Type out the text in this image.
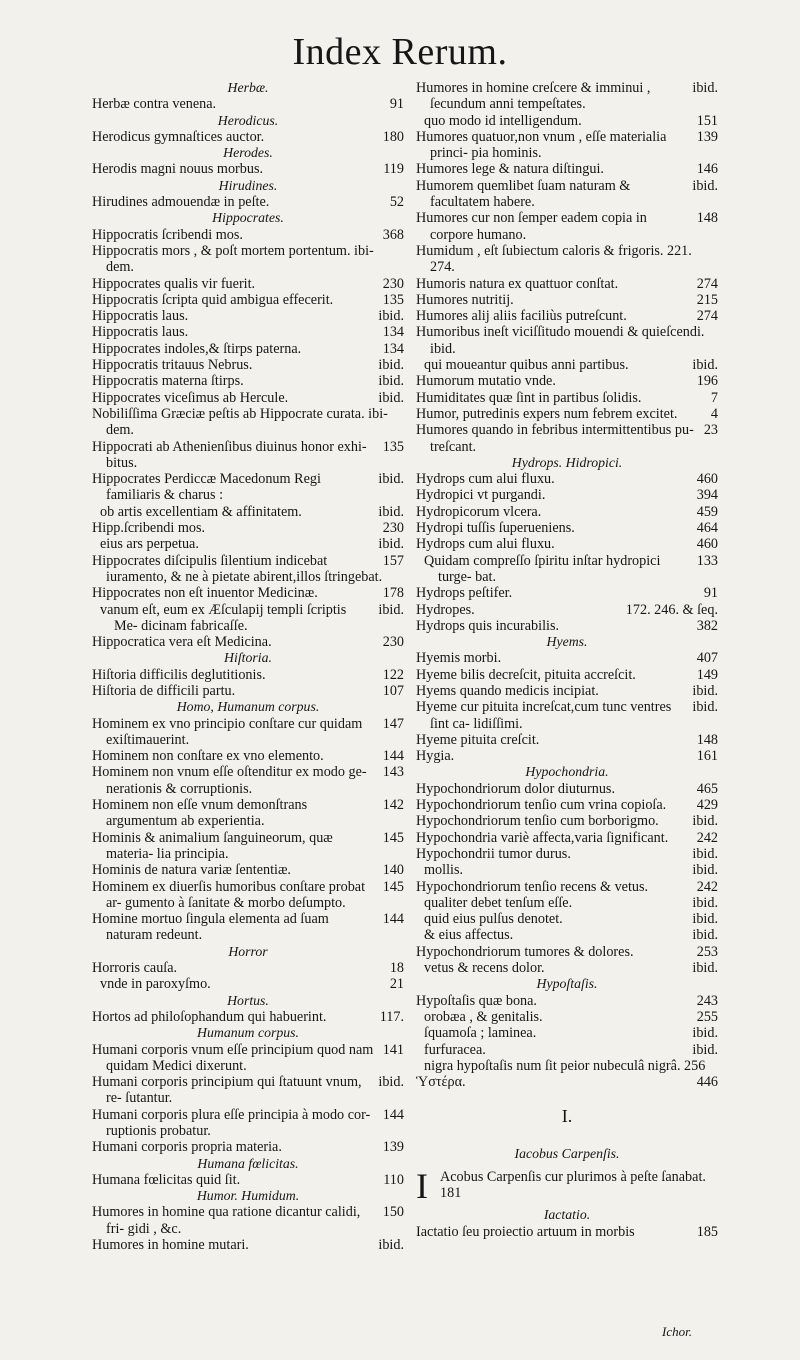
Index Rerum.
Herbæ.
91
Herbæ contra venena.
Herodicus.
180
Herodicus gymnaſtices auctor.
Herodes.
119
Herodis magni nouus morbus.
Hirudines.
52
Hirudines admouendæ in peſte.
Hippocrates.
368
Hippocratis ſcribendi mos.
Hippocratis mors , & poſt mortem portentum. ibi- dem.
230
Hippocrates qualis vir fuerit.
135
Hippocratis ſcripta quid ambigua effecerit.
ibid.
Hippocratis laus.
134
Hippocratis laus.
134
Hippocrates indoles,& ſtirps paterna.
ibid.
Hippocratis tritauus Nebrus.
ibid.
Hippocratis materna ſtirps.
ibid.
Hippocrates viceſimus ab Hercule.
Nobiliſſima Græciæ peſtis ab Hippocrate curata. ibi- dem.
135
Hippocrati ab Athenienſibus diuinus honor exhi- bitus.
ibid.
Hippocrates Perdiccæ Macedonum Regi familiaris & charus :
ibid.
ob artis excellentiam & affinitatem.
230
Hipp.ſcribendi mos.
ibid.
eius ars perpetua.
157
Hippocrates diſcipulis ſilentium indicebat iuramento, & ne à pietate abirent,illos ſtringebat.
178
Hippocrates non eſt inuentor Medicinæ.
ibid.
vanum eſt, eum ex Æſculapij templi ſcriptis Me- dicinam fabricaſſe.
230
Hippocratica vera eſt Medicina.
Hiſtoria.
122
Hiſtoria difficilis deglutitionis.
107
Hiſtoria de difficili partu.
Homo, Humanum corpus.
147
Hominem ex vno principio conſtare cur quidam exiſtimauerint.
144
Hominem non conſtare ex vno elemento.
143
Hominem non vnum eſſe oſtenditur ex modo ge- nerationis & corruptionis.
142
Hominem non eſſe vnum demonſtrans argumentum ab experientia.
145
Hominis & animalium ſanguineorum, quæ materia- lia principia.
140
Hominis de natura variæ ſententiæ.
145
Hominem ex diuerſis humoribus conſtare probat ar- gumento à ſanitate & morbo deſumpto.
144
Homine mortuo ſingula elementa ad ſuam naturam redeunt.
Horror
18
Horroris cauſa.
21
vnde in paroxyſmo.
Hortus.
117.
Hortos ad philoſophandum qui habuerint.
Humanum corpus.
141
Humani corporis vnum eſſe principium quod nam quidam Medici dixerunt.
ibid.
Humani corporis principium qui ſtatuunt vnum, re- ſutantur.
144
Humani corporis plura eſſe principia à modo cor- ruptionis probatur.
139
Humani corporis propria materia.
Humana fœlicitas.
110
Humana fœlicitas quid ſit.
Humor. Humidum.
150
Humores in homine qua ratione dicantur calidi, fri- gidi , &c.
ibid.
Humores in homine mutari.
ibid.
Humores in homine creſcere & imminui , ſecundum anni tempeſtates.
151
quo modo id intelligendum.
139
Humores quatuor,non vnum , eſſe materialia princi- pia hominis.
146
Humores lege & natura diſtingui.
ibid.
Humorem quemlibet ſuam naturam & facultatem habere.
148
Humores cur non ſemper eadem copia in corpore humano.
Humidum , eſt ſubiectum caloris & frigoris. 221. 274.
274
Humoris natura ex quattuor conſtat.
215
Humores nutritij.
274
Humores alij aliis faciliùs putreſcunt.
Humoribus ineſt viciſſitudo mouendi & quieſcendi. ibid.
ibid.
qui moueantur quibus anni partibus.
196
Humorum mutatio vnde.
7
Humiditates quæ ſint in partibus ſolidis.
4
Humor, putredinis expers num febrem excitet.
23
Humores quando in febribus intermittentibus pu- treſcant.
Hydrops. Hidropici.
460
Hydrops cum alui fluxu.
394
Hydropici vt purgandi.
459
Hydropicorum vlcera.
464
Hydropi tuſſis ſuperueniens.
460
Hydrops cum alui fluxu.
133
Quidam compreſſo ſpiritu inſtar hydropici turge- bat.
91
Hydrops peſtifer.
172. 246. & ſeq.
Hydropes.
382
Hydrops quis incurabilis.
Hyems.
407
Hyemis morbi.
149
Hyeme bilis decreſcit, pituita accreſcit.
ibid.
Hyems quando medicis incipiat.
ibid.
Hyeme cur pituita increſcat,cum tunc ventres ſint ca- lidiſſimi.
148
Hyeme pituita creſcit.
161
Hygia.
Hypochondria.
465
Hypochondriorum dolor diuturnus.
429
Hypochondriorum tenſio cum vrina copioſa.
ibid.
Hypochondriorum tenſio cum borborigmo.
242
Hypochondria variè affecta,varia ſignificant.
ibid.
Hypochondrii tumor durus.
ibid.
mollis.
242
Hypochondriorum tenſio recens & vetus.
ibid.
qualiter debet tenſum eſſe.
ibid.
quid eius pulſus denotet.
ibid.
& eius affectus.
253
Hypochondriorum tumores & dolores.
ibid.
vetus & recens dolor.
Hypoſtaſis.
243
Hypoſtaſis quæ bona.
255
orobæa , & genitalis.
ibid.
ſquamoſa ; laminea.
ibid.
furfuracea.
nigra hypoſtaſis num ſit peior nubeculâ nigrâ. 256
446
Ὑστέρα.
I.
Iacobus Carpenſis.
I Acobus Carpenſis cur plurimos à peſte ſanabat. 181
Iactatio.
185
Iactatio ſeu proiectio artuum in morbis
Ichor.
